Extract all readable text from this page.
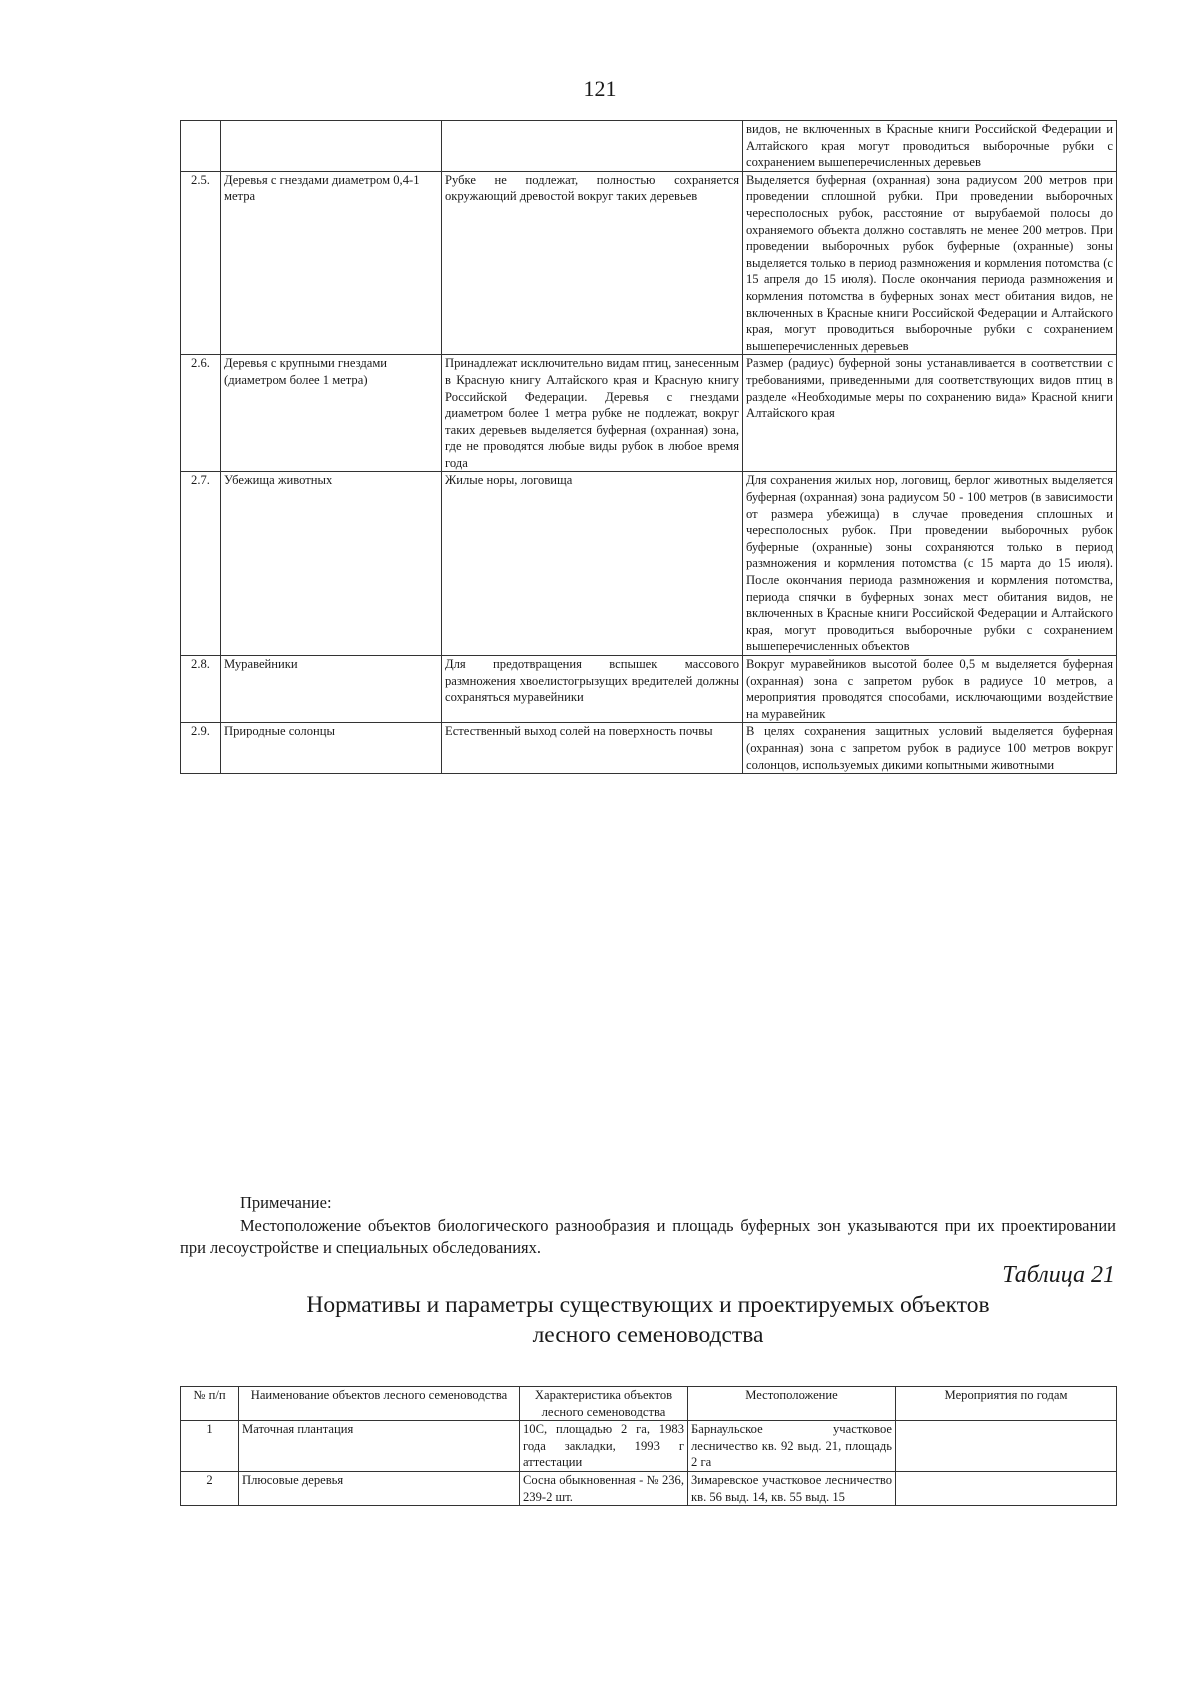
121
			видов, не включенных в Красные книги Российской Федерации и Алтайского края могут проводиться выборочные рубки с сохранением вышеперечисленных деревьев
2.5.	Деревья с гнездами диаметром 0,4-1 метра	Рубке не подлежат, полностью сохраняется окружающий древостой вокруг таких деревьев	Выделяется буферная (охранная) зона радиусом 200 метров при проведении сплошной рубки. При проведении выборочных чересполосных рубок, расстояние от вырубаемой полосы до охраняемого объекта должно составлять не менее 200 метров. При проведении выборочных рубок буферные (охранные) зоны выделяется только в период размножения и кормления потомства (с 15 апреля до 15 июля). После окончания периода размножения и кормления потомства в буферных зонах мест обитания видов, не включенных в Красные книги Российской Федерации и Алтайского края, могут проводиться выборочные рубки с сохранением вышеперечисленных деревьев
2.6.	Деревья с крупными гнездами (диаметром более 1 метра)	Принадлежат исключительно видам птиц, занесенным в Красную книгу Алтайского края и Красную книгу Российской Федерации. Деревья с гнездами диаметром более 1 метра рубке не подлежат, вокруг таких деревьев выделяется буферная (охранная) зона, где не проводятся любые виды рубок в любое время года	Размер (радиус) буферной зоны устанавливается в соответствии с требованиями, приведенными для соответствующих видов птиц в разделе «Необходимые меры по сохранению вида» Красной книги Алтайского края
2.7.	Убежища животных	Жилые норы, логовища	Для сохранения жилых нор, логовищ, берлог животных выделяется буферная (охранная) зона радиусом 50 - 100 метров (в зависимости от размера убежища) в случае проведения сплошных и чересполосных рубок. При проведении выборочных рубок буферные (охранные) зоны сохраняются только в период размножения и кормления потомства (с 15 марта до 15 июля). После окончания периода размножения и кормления потомства, периода спячки в буферных зонах мест обитания видов, не включенных в Красные книги Российской Федерации и Алтайского края, могут проводиться выборочные рубки с сохранением вышеперечисленных объектов
2.8.	Муравейники	Для предотвращения вспышек массового размножения хвоелистогрызущих вредителей должны сохраняться муравейники	Вокруг муравейников высотой более 0,5 м выделяется буферная (охранная) зона с запретом рубок в радиусе 10 метров, а мероприятия проводятся способами, исключающими воздействие на муравейник
2.9.	Природные солонцы	Естественный выход солей на поверхность почвы	В целях сохранения защитных условий выделяется буферная (охранная) зона с запретом рубок в радиусе 100 метров вокруг солонцов, используемых дикими копытными животными
Примечание:
Местоположение объектов биологического разнообразия и площадь буферных зон указываются при их проектировании при лесоустройстве и специальных обследованиях.
Таблица 21
Нормативы и параметры существующих и проектируемых объектов
лесного семеноводства
№ п/п	Наименование объектов лесного семеноводства	Характеристика объектов лесного семеноводства	Местоположение	Мероприятия по годам
1	Маточная плантация	10С, площадью 2 га, 1983 года закладки, 1993 г аттестации	Барнаульское участковое лесничество кв. 92 выд. 21, площадь 2 га	
2	Плюсовые деревья	Сосна обыкновенная - № 236, 239-2 шт.	Зимаревское участковое лесничество кв. 56 выд. 14, кв. 55 выд. 15	
